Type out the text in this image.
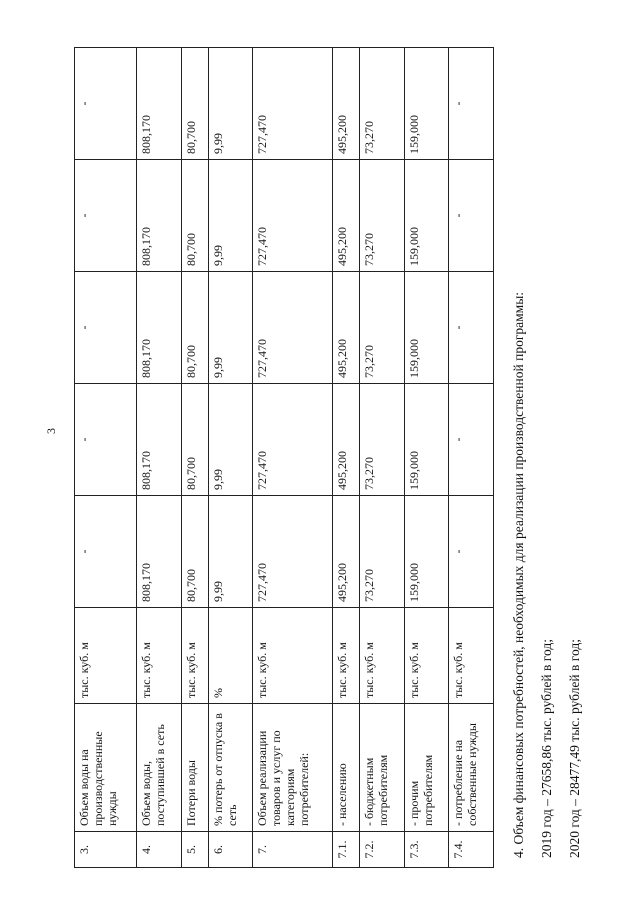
3
3.	Объем воды на производственные нужды	тыс. куб. м	-	-	-	-	-
4.	Объем воды, поступившей в сеть	тыс. куб. м	808,170	808,170	808,170	808,170	808,170
5.	Потери воды	тыс. куб. м	80,700	80,700	80,700	80,700	80,700
6.	% потерь от отпуска в сеть	%	9,99	9,99	9,99	9,99	9,99
7.	Объем реализации товаров и услуг по категориям потребителей:	тыс. куб. м	727,470	727,470	727,470	727,470	727,470
7.1.	- населению	тыс. куб. м	495,200	495,200	495,200	495,200	495,200
7.2.	- бюджетным потребителям	тыс. куб. м	73,270	73,270	73,270	73,270	73,270
7.3.	- прочим потребителям	тыс. куб. м	159,000	159,000	159,000	159,000	159,000
7.4.	- потребление на собственные нужды	тыс. куб. м	-	-	-	-	-
4. Объем финансовых потребностей, необходимых для реализации производственной программы: 2019 год – 27658,86 тыс. рублей в год; 2020 год – 28477,49 тыс. рублей в год;
